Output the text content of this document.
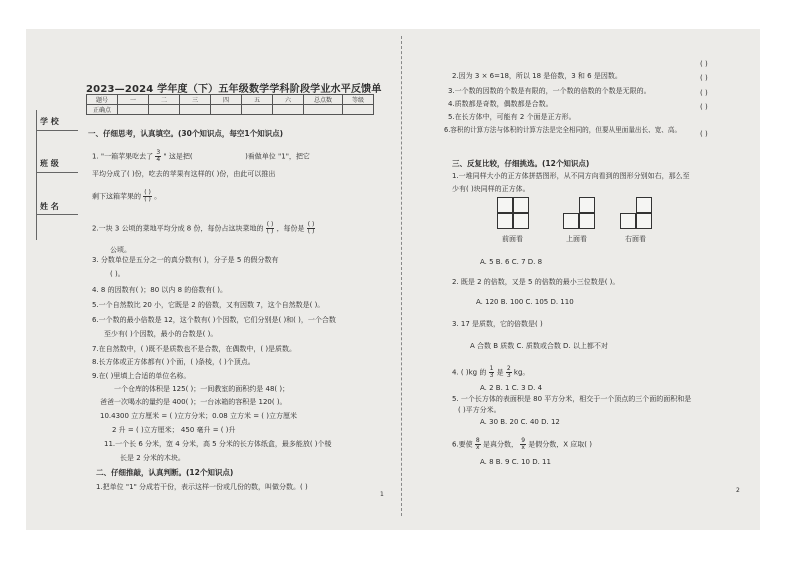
学 校
班 级
姓 名
2023—2024 学年度（下）五年级数学学科阶段学业水平反馈单
题号	一	二	三	四	五	六	总点数	等级
正确点								
一、仔细思考，认真填空。(30个知识点，每空1个知识点)
1. "一箱苹果吃去了 $\frac{3}{4}$ " 这是把(	)看做单位 "1"，把它
平均分成了( )份，吃去的苹果有这样的( )份，由此可以推出
剩下这箱苹果的 $\frac{( )}{( )}$ 。
2.一块 3 公顷的菜地平均分成 8 份，每份占这块菜地的 $\frac{( )}{( )}$ ，每份是 $\frac{( )}{( )}$
公顷。
3. 分数单位是五分之一的真分数有( )，分子是 5 的假分数有
( )。
4. 8 的因数有( )；80 以内 8 的倍数有( )。
5.一个自然数比 20 小，它既是 2 的倍数，又有因数 7，这个自然数是( )。
6.一个数的最小倍数是 12，这个数有( )个因数，它们分别是( )和( )，一个合数
至少有( )个因数，最小的合数是( )。
7.在自然数中，( )既不是质数也不是合数，在偶数中，( )是质数。
8.长方体或正方体都有( )个面，( )条棱，( )个顶点。
9.在( )里填上合适的单位名称。
一个仓库的体积是 125( )；一间教室的面积约是 48( )；
爸爸一次喝水的量约是 400( )；一台冰箱的容积是 120( )。
10.4300 立方厘米 = ( )立方分米；0.08 立方米 = ( )立方厘米
2 升 = ( )立方厘米； 450 毫升 = ( )升
11.一个长 6 分米，宽 4 分米，高 5 分米的长方体纸盒，最多能放( )个棱
长是 2 分米的木块。
二、仔细推敲，认真判断。(12个知识点)
1.把单位 "1" 分成若干份，表示这样一份或几份的数，叫做分数。( )
1
2.因为 3 × 6=18，所以 18 是倍数，3 和 6 是因数。
( )
3.一个数的因数的个数是有限的，一个数的倍数的个数是无限的。
( )
4.质数都是奇数，偶数都是合数。
( )
5.在长方体中，可能有 2 个面是正方形。
( )
6.容积的计算方法与体积的计算方法是完全相同的，但要从里面量出长、宽、高。	( )
三、反复比较，仔细挑选。(12个知识点)
1.一堆同样大小的正方体拼搭图形，从不同方向看到的图形分别如右，那么至
少有( )块同样的正方体。
前面看	上面看	右面看
A. 5 B. 6 C. 7 D. 8
2. 既是 2 的倍数，又是 5 的倍数的最小三位数是( )。
A. 120 B. 100 C. 105 D. 110
3. 17 是质数，它的倍数是( )
A 合数 B 质数 C. 质数或合数 D. 以上都不对
4. ( )kg 的 $\frac{1}{3}$ 是 $\frac{2}{3}$ kg。
A. 2 B. 1 C. 3 D. 4
5. 一个长方体的表面积是 80 平方分米，相交于一个顶点的三个面的面积和是
( )平方分米。
A. 30 B. 20 C. 40 D. 12
6.要使 $\frac{8}{x}$ 是真分数， $\frac{9}{x}$ 是假分数，X 应取( )
A. 8 B. 9 C. 10 D. 11
2
